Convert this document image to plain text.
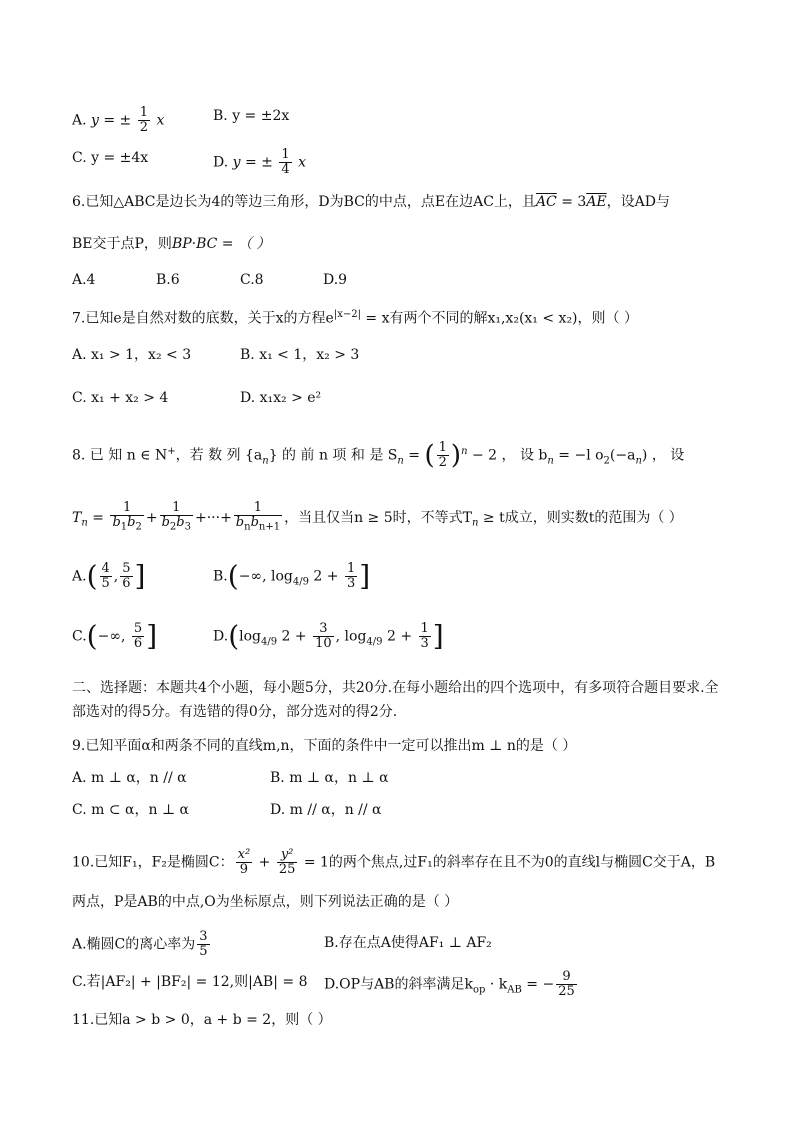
A. y = ± $\frac{1}{2}$ x	B. y = ±2x
C. y = ±4x	D. y = ± $\frac{1}{4}$ x
6.已知△ABC是边长为4的等边三角形，D为BC的中点，点E在边AC上，且$\overline{AC} = 3\overline{AE}$，设AD与
BE交于点P，则BP·BC = （ ）
A.4	B.6	C.8	D.9
7.已知e是自然对数的底数，关于x的方程$e^{|x-2|} = x$有两个不同的解x₁,x₂(x₁ < x₂)，则（ ）
A. x₁ > 1，x₂ < 3	B. x₁ < 1，x₂ > 3
C. x₁ + x₂ > 4	D. x₁x₂ > e²
8. 已 知 n ∈ N+，若 数 列 $\{a_n\}$ 的 前 n 项 和 是 $S_n$ = ( $\frac{1}{2} )^n - 2$ ， 设 $b_n = -l$ $o_2(-a_n)$ ， 设
$T_n = \frac{1}{b_1b_2} + \frac{1}{b_2b_3}$ +···+ $\frac{1}{b_nb_{n+1}}$ ，当且仅当n ≥ 5时，不等式$T_n \ge t$成立，则实数t的范围为（ ）
$A.( \frac{4}{5}$ , $\frac{5}{6}$ ]	B.(−∞, $\log_{4/9} 2 + \frac{1}{3}$ ]
C.(−∞, $\frac{5}{6}$ ]	$D.(\log_{4/9}$ $2 + \frac{3}{10}$ , $\log_{4/9} 2 + \frac{1}{3}$ ]
二、选择题：本题共4个小题，每小题5分，共20分.在每小题给出的四个选项中，有多项符合题目要求.全部选对的得5分。有选错的得0分，部分选对的得2分.
9.已知平面α和两条不同的直线m,n，下面的条件中一定可以推出m ⊥ n的是（ ）
A. m ⊥ α，n // α	B. m ⊥ α，n ⊥ α
C. m ⊂ α，n ⊥ α	D. m // α，n // α
10.已知F₁，F₂是椭圆C： $\frac{\text{x²}}{9} + \frac{\text{y²}}{25} = 1$的两个焦点,过F₁的斜率存在且不为0的直线l与椭圆C交于A，B
两点，P是AB的中点,O为坐标原点，则下列说法正确的是（ ）
A.椭圆C的离心率为 $\frac{3}{5}$	B.存在点A使得AF₁ ⊥ AF₂
C.若|AF₂| + |BF₂| = 12,则|AB| = 8 D.OP与AB的斜率满足$k_{op} \cdot k_{AB}$ = − $\frac{9}{25}$
11.已知a > b > 0，a + b = 2，则（ ）
